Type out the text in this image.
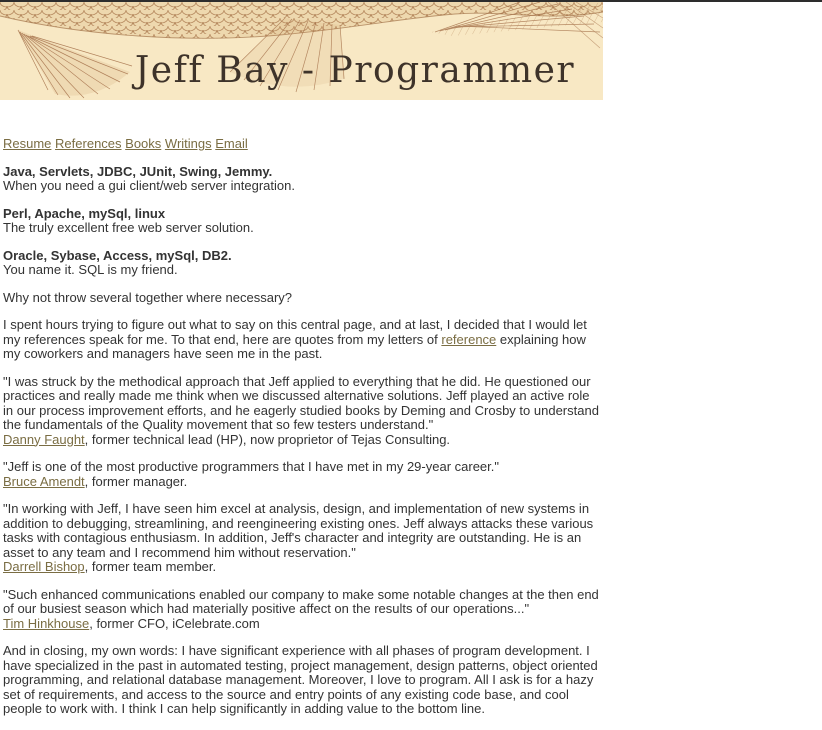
Jeff Bay - Programmer

Resume References Books Writings Email

Java, Servlets, JDBC, JUnit, Swing, Jemmy.
When you need a gui client/web server integration.

Perl, Apache, mySql, linux
The truly excellent free web server solution.

Oracle, Sybase, Access, mySql, DB2.
You name it. SQL is my friend.

Why not throw several together where necessary?

I spent hours trying to figure out what to say on this central page, and at last, I decided that I would let my references speak for me. To that end, here are quotes from my letters of reference explaining how my coworkers and managers have seen me in the past.

"I was struck by the methodical approach that Jeff applied to everything that he did. He questioned our practices and really made me think when we discussed alternative solutions. Jeff played an active role in our process improvement efforts, and he eagerly studied books by Deming and Crosby to understand the fundamentals of the Quality movement that so few testers understand."
Danny Faught, former technical lead (HP), now proprietor of Tejas Consulting.

"Jeff is one of the most productive programmers that I have met in my 29-year career."
Bruce Amendt, former manager.

"In working with Jeff, I have seen him excel at analysis, design, and implementation of new systems in addition to debugging, streamlining, and reengineering existing ones. Jeff always attacks these various tasks with contagious enthusiasm. In addition, Jeff's character and integrity are outstanding. He is an asset to any team and I recommend him without reservation."
Darrell Bishop, former team member.

"Such enhanced communications enabled our company to make some notable changes at the then end of our busiest season which had materially positive affect on the results of our operations..."
Tim Hinkhouse, former CFO, iCelebrate.com

And in closing, my own words: I have significant experience with all phases of program development. I have specialized in the past in automated testing, project management, design patterns, object oriented programming, and relational database management. Moreover, I love to program. All I ask is for a hazy set of requirements, and access to the source and entry points of any existing code base, and cool people to work with. I think I can help significantly in adding value to the bottom line.
